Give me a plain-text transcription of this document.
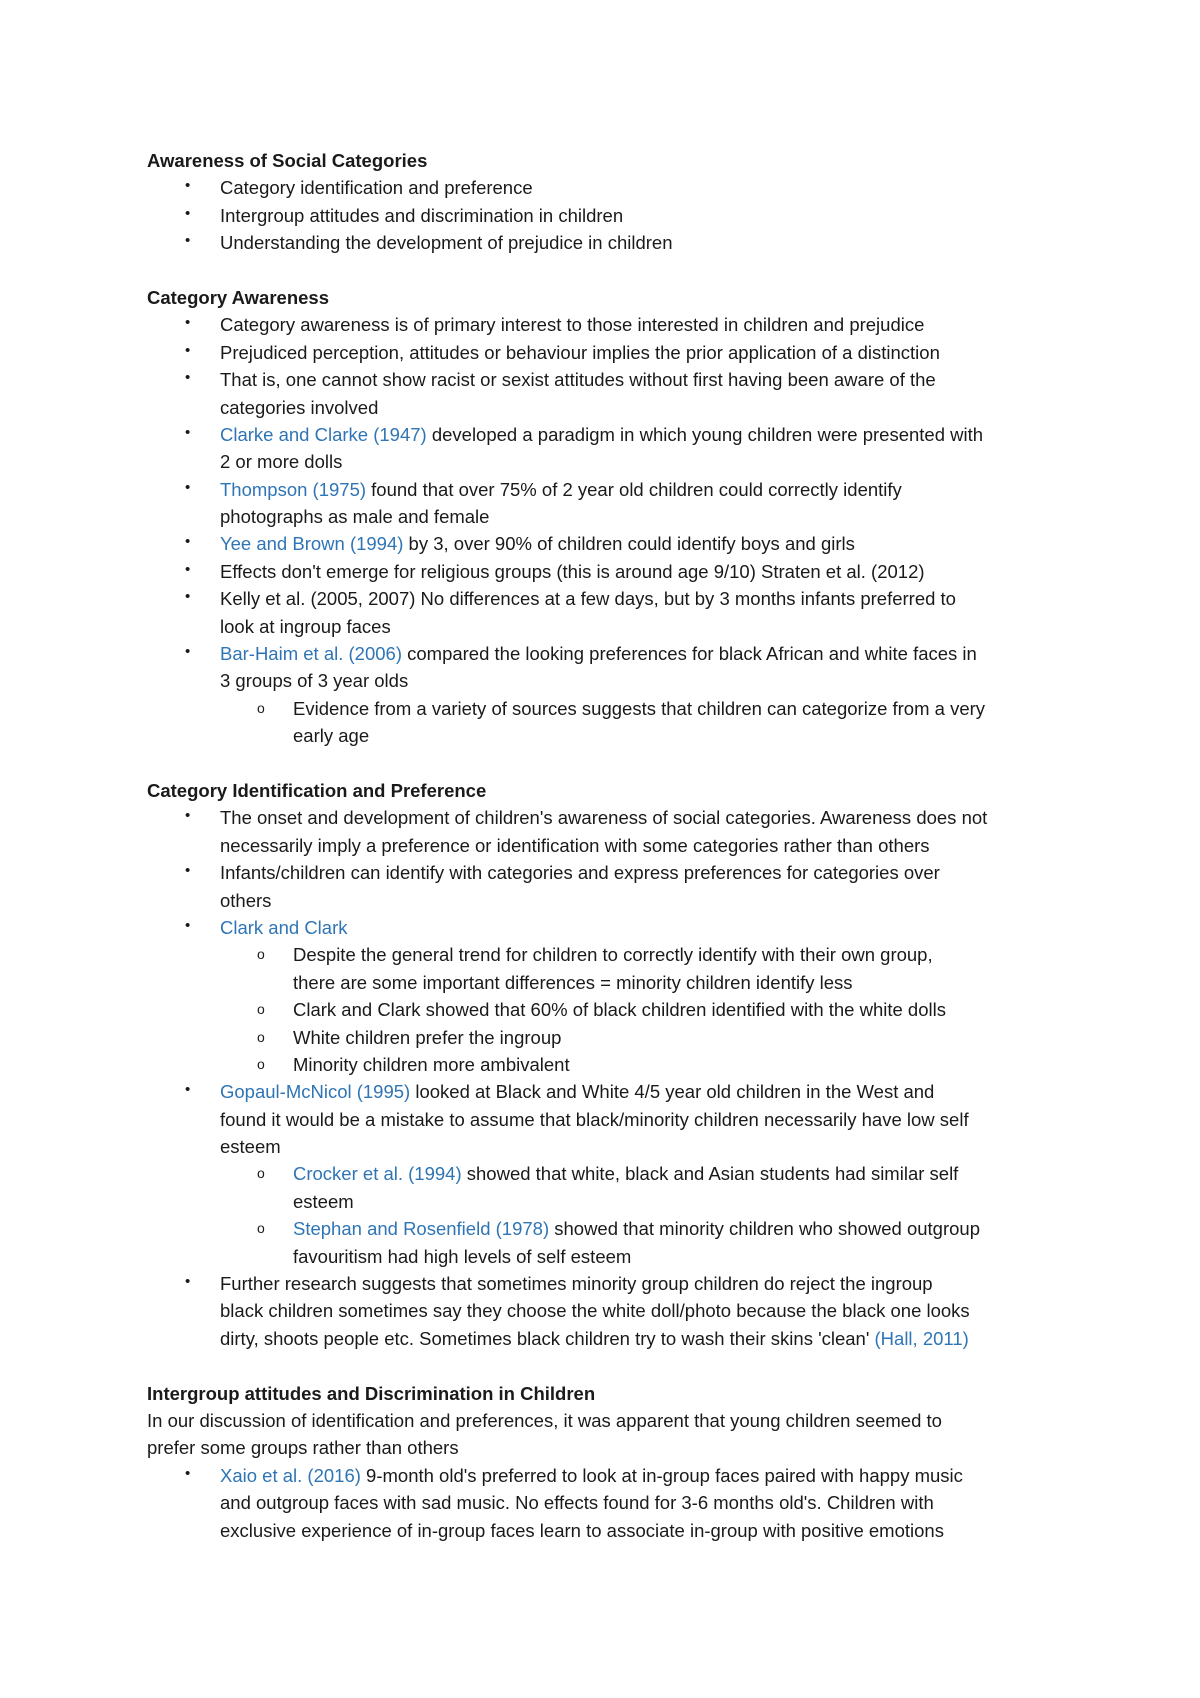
Awareness of Social Categories
• Category identification and preference
• Intergroup attitudes and discrimination in children
• Understanding the development of prejudice in children
Category Awareness
• Category awareness is of primary interest to those interested in children and prejudice
• Prejudiced perception, attitudes or behaviour implies the prior application of a distinction
• That is, one cannot show racist or sexist attitudes without first having been aware of the
categories involved
• Clarke and Clarke (1947) developed a paradigm in which young children were presented with
2 or more dolls
• Thompson (1975) found that over 75% of 2 year old children could correctly identify
photographs as male and female
• Yee and Brown (1994) by 3, over 90% of children could identify boys and girls
• Effects don't emerge for religious groups (this is around age 9/10) Straten et al. (2012)
• Kelly et al. (2005, 2007) No differences at a few days, but by 3 months infants preferred to
look at ingroup faces
• Bar-Haim et al. (2006) compared the looking preferences for black African and white faces in
3 groups of 3 year olds
o Evidence from a variety of sources suggests that children can categorize from a very
early age
Category Identification and Preference
• The onset and development of children's awareness of social categories. Awareness does not
necessarily imply a preference or identification with some categories rather than others
• Infants/children can identify with categories and express preferences for categories over
others
• Clark and Clark
o Despite the general trend for children to correctly identify with their own group,
there are some important differences = minority children identify less
o Clark and Clark showed that 60% of black children identified with the white dolls
o White children prefer the ingroup
o Minority children more ambivalent
• Gopaul-McNicol (1995) looked at Black and White 4/5 year old children in the West and
found it would be a mistake to assume that black/minority children necessarily have low self
esteem
o Crocker et al. (1994) showed that white, black and Asian students had similar self
esteem
o Stephan and Rosenfield (1978) showed that minority children who showed outgroup
favouritism had high levels of self esteem
• Further research suggests that sometimes minority group children do reject the ingroup
black children sometimes say they choose the white doll/photo because the black one looks
dirty, shoots people etc. Sometimes black children try to wash their skins 'clean' (Hall, 2011)
Intergroup attitudes and Discrimination in Children
In our discussion of identification and preferences, it was apparent that young children seemed to
prefer some groups rather than others
• Xaio et al. (2016) 9-month old's preferred to look at in-group faces paired with happy music
and outgroup faces with sad music. No effects found for 3-6 months old's. Children with
exclusive experience of in-group faces learn to associate in-group with positive emotions
